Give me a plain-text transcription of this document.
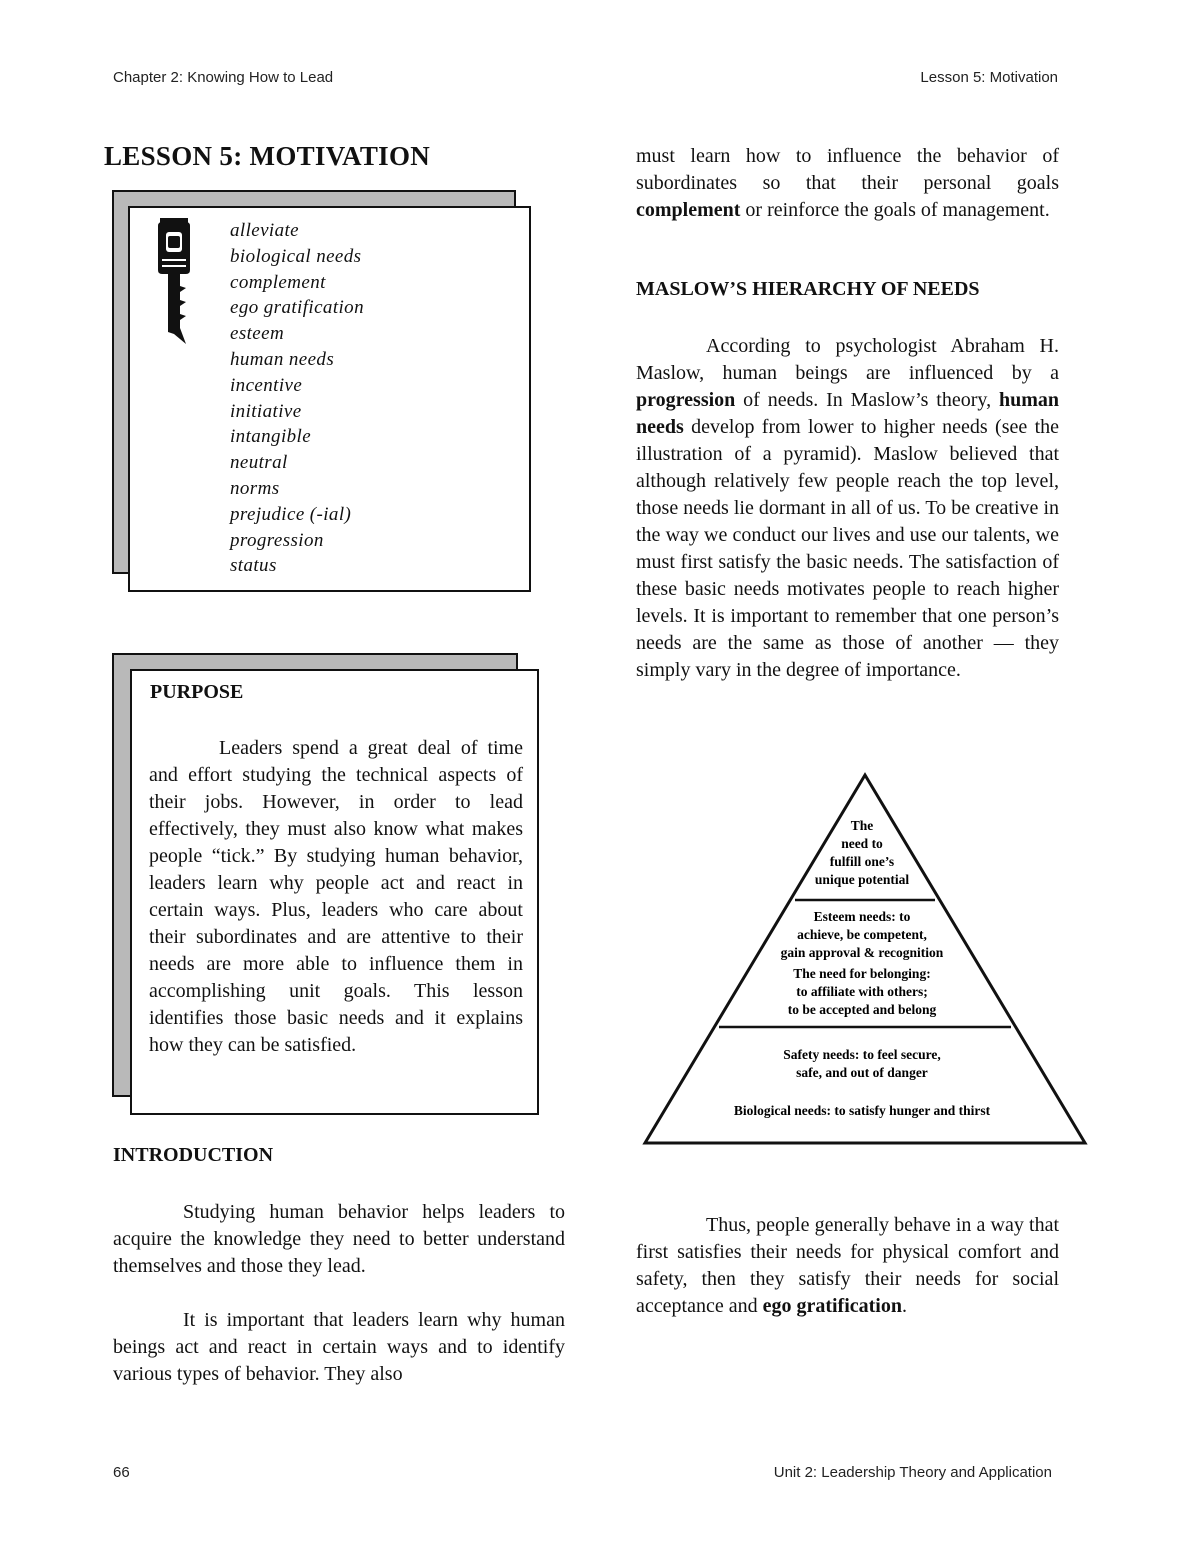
Chapter 2: Knowing How to Lead	Lesson 5: Motivation
LESSON 5: MOTIVATION
alleviate
biological needs
complement
ego gratification
esteem
human needs
incentive
initiative
intangible
neutral
norms
prejudice (-ial)
progression
status
PURPOSE

Leaders spend a great deal of time and effort studying the technical aspects of their jobs. However, in order to lead effectively, they must also know what makes people “tick.” By studying human behavior, leaders learn why people act and react in certain ways. Plus, leaders who care about their subordinates and are attentive to their needs are more able to influence them in accomplishing unit goals. This lesson identifies those basic needs and it explains how they can be satisfied.

INTRODUCTION

Studying human behavior helps leaders to acquire the knowledge they need to better understand themselves and those they lead.

It is important that leaders learn why human beings act and react in certain ways and to identify various types of behavior. They also

must learn how to influence the behavior of subordinates so that their personal goals complement or reinforce the goals of management.

MASLOW’S HIERARCHY OF NEEDS

According to psychologist Abraham H. Maslow, human beings are influenced by a progression of needs. In Maslow’s theory, human needs develop from lower to higher needs (see the illustration of a pyramid). Maslow believed that although relatively few people reach the top level, those needs lie dormant in all of us. To be creative in the way we conduct our lives and use our talents, we must first satisfy the basic needs. The satisfaction of these basic needs motivates people to reach higher levels. It is important to remember that one person’s needs are the same as those of another — they simply vary in the degree of importance.

The
need to
fulfill one’s
unique potential
Esteem needs: to
achieve, be competent,
gain approval & recognition
The need for belonging:
to affiliate with others;
to be accepted and belong
Safety needs: to feel secure,
safe, and out of danger
Biological needs: to satisfy hunger and thirst

Thus, people generally behave in a way that first satisfies their needs for physical comfort and safety, then they satisfy their needs for social acceptance and ego gratification.

66	Unit 2: Leadership Theory and Application
